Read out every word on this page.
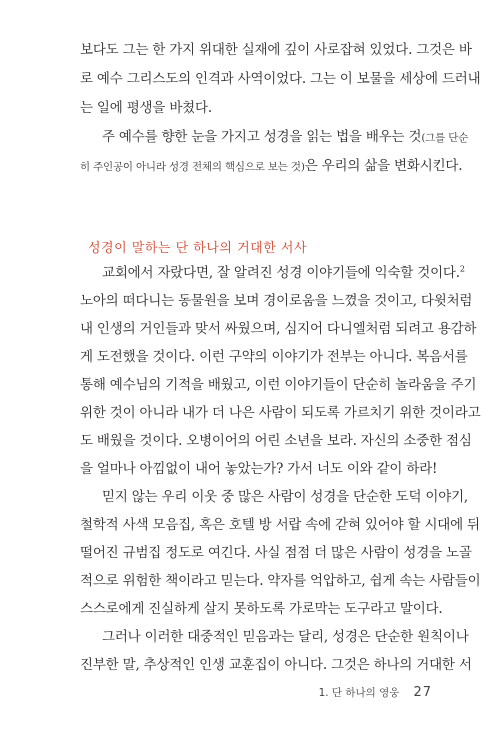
보다도 그는 한 가지 위대한 실재에 깊이 사로잡혀 있었다. 그것은 바
로 예수 그리스도의 인격과 사역이었다. 그는 이 보물을 세상에 드러내
는 일에 평생을 바쳤다.
주 예수를 향한 눈을 가지고 성경을 읽는 법을 배우는 것(그를 단순
히 주인공이 아니라 성경 전체의 핵심으로 보는 것)은 우리의 삶을 변화시킨다.
성경이 말하는 단 하나의 거대한 서사
교회에서 자랐다면, 잘 알려진 성경 이야기들에 익숙할 것이다.$^2$
노아의 떠다니는 동물원을 보며 경이로움을 느꼈을 것이고, 다윗처럼
내 인생의 거인들과 맞서 싸웠으며, 심지어 다니엘처럼 되려고 용감하
게 도전했을 것이다. 이런 구약의 이야기가 전부는 아니다. 복음서를
통해 예수님의 기적을 배웠고, 이런 이야기들이 단순히 놀라움을 주기
위한 것이 아니라 내가 더 나은 사람이 되도록 가르치기 위한 것이라고
도 배웠을 것이다. 오병이어의 어린 소년을 보라. 자신의 소중한 점심
을 얼마나 아낌없이 내어 놓았는가? 가서 너도 이와 같이 하라!
믿지 않는 우리 이웃 중 많은 사람이 성경을 단순한 도덕 이야기,
철학적 사색 모음집, 혹은 호텔 방 서랍 속에 갇혀 있어야 할 시대에 뒤
떨어진 규범집 정도로 여긴다. 사실 점점 더 많은 사람이 성경을 노골
적으로 위험한 책이라고 믿는다. 약자를 억압하고, 쉽게 속는 사람들이
스스로에게 진실하게 살지 못하도록 가로막는 도구라고 말이다.
그러나 이러한 대중적인 믿음과는 달리, 성경은 단순한 원칙이나
진부한 말, 추상적인 인생 교훈집이 아니다. 그것은 하나의 거대한 서
1. 단 하나의 영웅 27
